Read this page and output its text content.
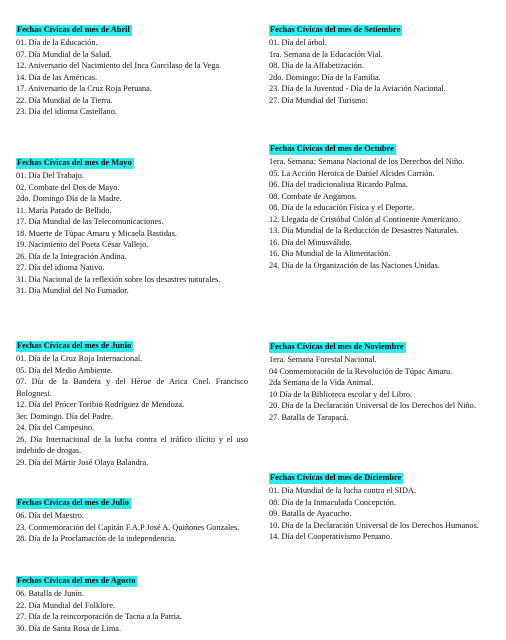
Fechas Cívicas del mes de Abril
01. Día de la Educación.
07. Día Mundial de la Salud.
12. Aniversario del Nacimiento del Inca Garcilaso de la Vega.
14. Día de las Américas.
17. Aniversario de la Cruz Roja Peruana.
22. Día Mundial de la Tierra.
23. Día del idioma Castellano.
Fechas Cívicas del mes de Mayo
01. Día Del Trabajo.
02. Combate del Dos de Mayo.
2do. Domingo Día de la Madre.
11. María Parado de Bellido.
17. Día Mundial de las Telecomunicaciones.
18. Muerte de Túpac Amaru y Micaela Bastidas.
19. Nacimiento del Poeta César Vallejo.
26. Día de la Integración Andina.
27. Día del idioma Nativo.
31. Día Nacional de la reflexión sobre los desastres naturales.
31. Día Mundial del No Fumador.
Fechas Cívicas del mes de Junio
01. Día de la Cruz Roja Internacional.
05. Día del Medio Ambiente.
07. Día de la Bandera y del Héroe de Arica Cnel. Francisco Bolognesi.
12. Día del Prócer Toribio Rodríguez de Mendoza.
3er. Domingo. Día del Padre.
24. Día del Campesino.
26. Día Internacional de la lucha contra el tráfico ilícito y el uso indebido de drogas.
29. Día del Mártir José Olaya Balandra.
Fechas Cívicas del mes de Julio
06. Día del Maestro.
23. Conmemoración del Capitán F.A.P José A. Quiñones Gonzales.
28. Día de la Proclamación de la independencia.
Fechas Cívicas del mes de Agosto
06. Batalla de Junín.
22. Día Mundial del Folklore.
27. Día de la reincorporación de Tacna a la Patria.
30. Día de Santa Rosa de Lima.
Fechas Cívicas del mes de Setiembre
01. Día del árbol.
1ra. Semana de la Educación Vial.
08. Día de la Alfabetización.
2do. Domingo: Día de la Familia.
23. Día de la Juventud - Día de la Aviación Nacional.
27. Día Mundial del Turismo.
Fechas Cívicas del mes de Octubre
1era. Semana: Semana Nacional de los Derechos del Niño.
05. La Acción Heroica de Daniel Alcides Carrión.
06. Día del tradicionalista Ricardo Palma.
08. Combate de Angamos.
08. Día de la educación Física y el Deporte.
12. Llegada de Cristóbal Colón al Continente Americano.
13. Día Mundial de la Reducción de Desastres Naturales.
16. Día del Minusválido.
16. Día Mundial de la Alimentación.
24. Día de la Organización de las Naciones Unidas.
Fechas Cívicas del mes de Noviembre
1era. Semana Forestal Nacional.
04 Conmemoración de la Revolución de Túpac Amaru.
2da Semana de la Vida Animal.
10 Día de la Biblioteca escolar y del Libro.
20. Día de la Declaración Universal de los Derechos del Niño.
27. Batalla de Tarapacá.
Fechas Cívicas del mes de Diciembre
01. Día Mundial de la lucha contra el SIDA.
08. Día de la Inmaculada Concepción.
09. Batalla de Ayacucho.
10. Día de la Declaración Universal de los Derechos Humanos.
14. Día del Cooperativismo Peruano.
